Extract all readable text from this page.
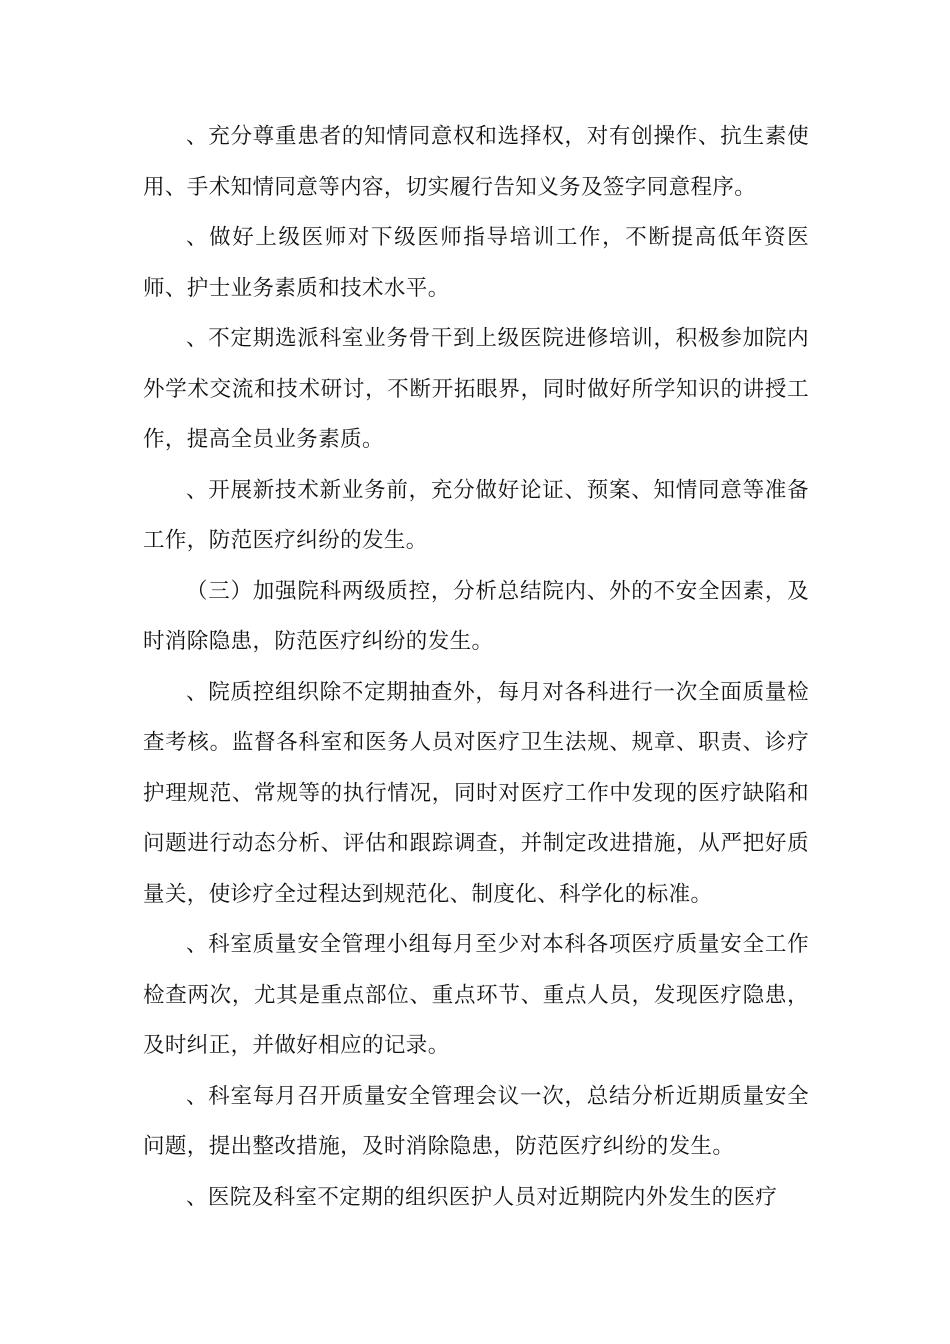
、充分尊重患者的知情同意权和选择权，对有创操作、抗生素使用、手术知情同意等内容，切实履行告知义务及签字同意程序。

、做好上级医师对下级医师指导培训工作，不断提高低年资医师、护士业务素质和技术水平。

、不定期选派科室业务骨干到上级医院进修培训，积极参加院内外学术交流和技术研讨，不断开拓眼界，同时做好所学知识的讲授工作，提高全员业务素质。

、开展新技术新业务前，充分做好论证、预案、知情同意等准备工作，防范医疗纠纷的发生。

（三）加强院科两级质控，分析总结院内、外的不安全因素，及时消除隐患，防范医疗纠纷的发生。

、院质控组织除不定期抽查外，每月对各科进行一次全面质量检查考核。监督各科室和医务人员对医疗卫生法规、规章、职责、诊疗护理规范、常规等的执行情况，同时对医疗工作中发现的医疗缺陷和问题进行动态分析、评估和跟踪调查，并制定改进措施，从严把好质量关，使诊疗全过程达到规范化、制度化、科学化的标准。

、科室质量安全管理小组每月至少对本科各项医疗质量安全工作检查两次，尤其是重点部位、重点环节、重点人员，发现医疗隐患，及时纠正，并做好相应的记录。

、科室每月召开质量安全管理会议一次，总结分析近期质量安全问题，提出整改措施，及时消除隐患，防范医疗纠纷的发生。

、医院及科室不定期的组织医护人员对近期院内外发生的医疗
